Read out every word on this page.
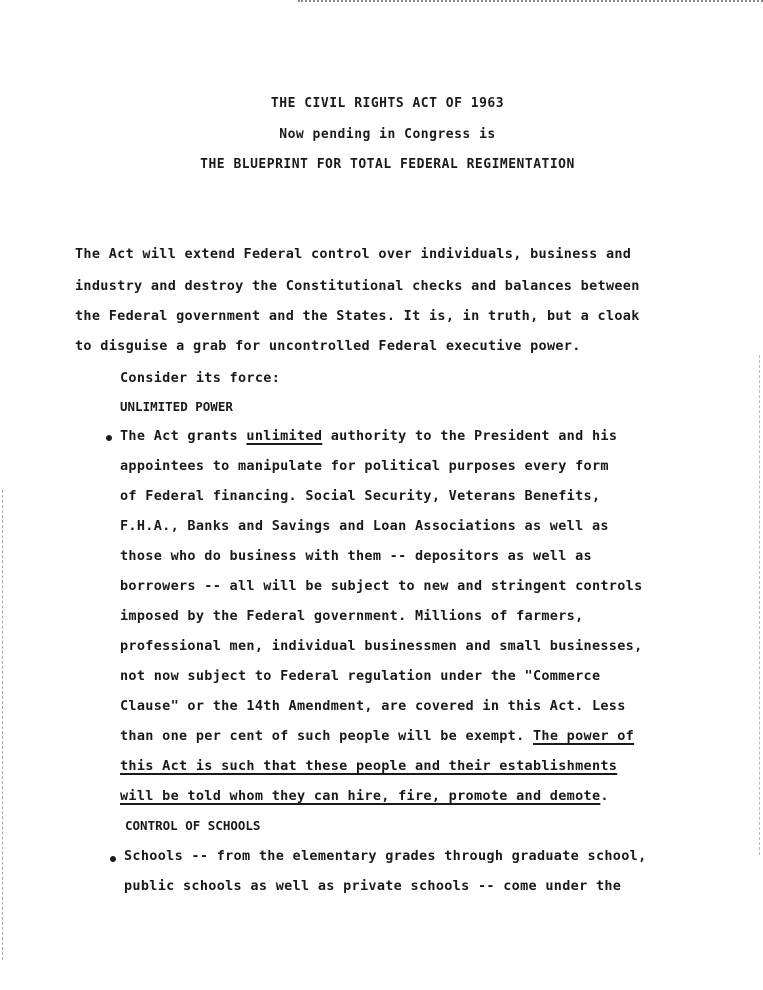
THE CIVIL RIGHTS ACT OF 1963
Now pending in Congress is
THE BLUEPRINT FOR TOTAL FEDERAL REGIMENTATION
The Act will extend Federal control over individuals, business and
industry and destroy the Constitutional checks and balances between
the Federal government and the States. It is, in truth, but a cloak
to disguise a grab for uncontrolled Federal executive power.
Consider its force:
UNLIMITED POWER
The Act grants unlimited authority to the President and his
appointees to manipulate for political purposes every form
of Federal financing. Social Security, Veterans Benefits,
F.H.A., Banks and Savings and Loan Associations as well as
those who do business with them -- depositors as well as
borrowers -- all will be subject to new and stringent controls
imposed by the Federal government. Millions of farmers,
professional men, individual businessmen and small businesses,
not now subject to Federal regulation under the "Commerce
Clause" or the 14th Amendment, are covered in this Act. Less
than one per cent of such people will be exempt. The power of
this Act is such that these people and their establishments
will be told whom they can hire, fire, promote and demote.
CONTROL OF SCHOOLS
Schools -- from the elementary grades through graduate school,
public schools as well as private schools -- come under the
